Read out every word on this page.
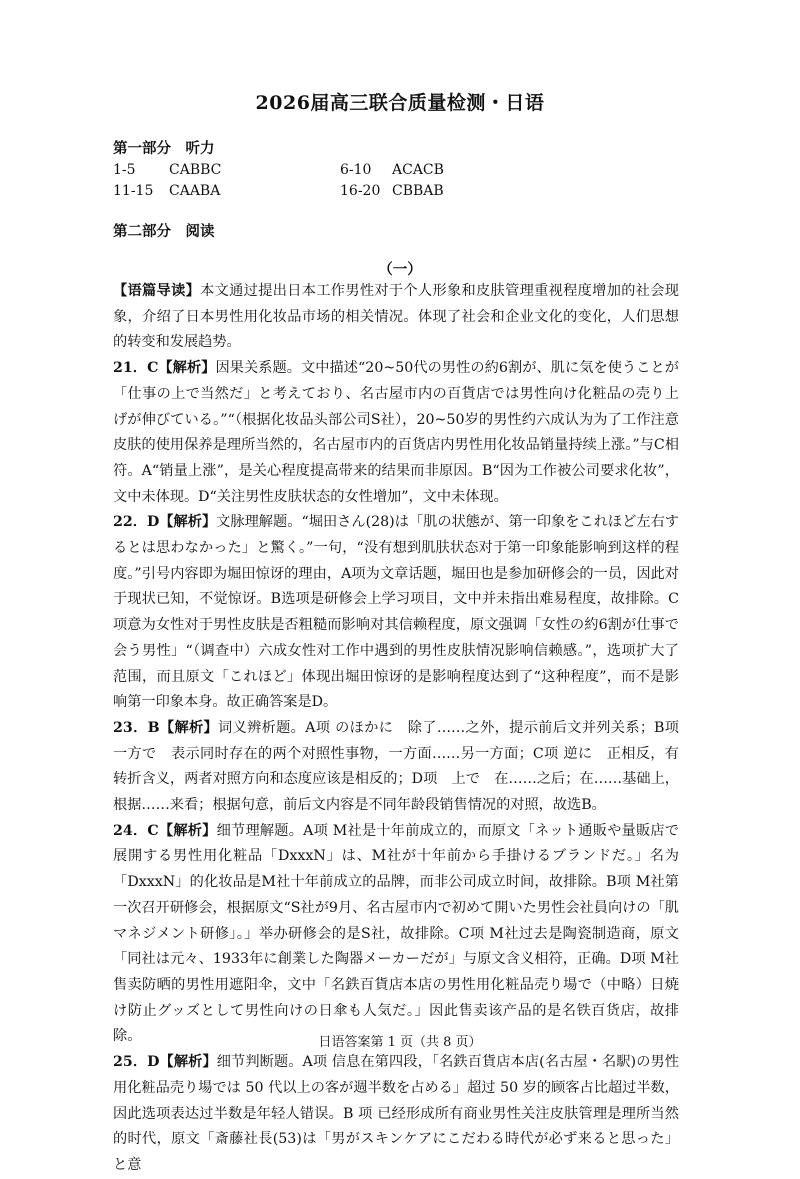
2026届高三联合质量检测・日语
第一部分　听力
1-5 CABBC	6-10 ACACB
11-15 CAABA	16-20 CBBAB
第二部分　阅读
（一）

【语篇导读】本文通过提出日本工作男性对于个人形象和皮肤管理重视程度增加的社会现象，介绍了日本男性用化妆品市场的相关情况。体现了社会和企业文化的变化，人们思想的转变和发展趋势。

21．C【解析】因果关系题。文中描述“20~50代の男性の約6割が、肌に気を使うことが「仕事の上で当然だ」と考えており、名古屋市内の百貨店では男性向け化粧品の売り上げが伸びている。”“（根据化妆品头部公司S社），20~50岁的男性约六成认为为了工作注意皮肤的使用保养是理所当然的，名古屋市内的百货店内男性用化妆品销量持续上涨。”与C相符。A“销量上涨”，是关心程度提高带来的结果而非原因。B“因为工作被公司要求化妆”，文中未体现。D“关注男性皮肤状态的女性增加”，文中未体现。

22．D【解析】文脉理解题。“堀田さん(28)は「肌の状態が、第一印象をこれほど左右するとは思わなかった」と驚く。”一句，“没有想到肌肤状态对于第一印象能影响到这样的程度。”引号内容即为堀田惊讶的理由，A项为文章话题，堀田也是参加研修会的一员，因此对于现状已知，不觉惊讶。B选项是研修会上学习项目，文中并未指出难易程度，故排除。C项意为女性对于男性皮肤是否粗糙而影响对其信赖程度，原文强调「女性の約6割が仕事で会う男性」“（调查中）六成女性对工作中遇到的男性皮肤情况影响信赖感。”，选项扩大了范围，而且原文「これほど」体现出堀田惊讶的是影响程度达到了“这种程度”，而不是影响第一印象本身。故正确答案是D。

23．B【解析】词义辨析题。A项 のほかに　除了……之外，提示前后文并列关系；B项 一方で　表示同时存在的两个对照性事物，一方面……另一方面；C项 逆に　正相反，有转折含义，两者对照方向和态度应该是相反的；D项　上で　在……之后；在……基础上，根据……来看；根据句意，前后文内容是不同年龄段销售情况的对照，故选B。

24．C【解析】细节理解题。A项 M社是十年前成立的，而原文「ネット通販や量販店で展開する男性用化粧品「DxxxN」は、M社が十年前から手掛けるブランドだ。」名为「DxxxN」的化妆品是M社十年前成立的品牌，而非公司成立时间，故排除。B项 M社第一次召开研修会，根据原文“S社が9月、名古屋市内で初めて開いた男性会社員向けの「肌マネジメント研修」。」举办研修会的是S社，故排除。C项 M社过去是陶瓷制造商，原文「同社は元々、1933年に創業した陶器メーカーだが」与原文含义相符，正确。D项 M社售卖防晒的男性用遮阳伞，文中「名鉄百貨店本店の男性用化粧品売り場で（中略）日焼け防止グッズとして男性向けの日傘も人気だ。」因此售卖该产品的是名铁百货店，故排除。

25．D【解析】细节判断题。A项 信息在第四段，「名鉄百貨店本店(名古屋・名駅)の男性用化粧品売り場では 50 代以上の客が週半数を占める」超过 50 岁的顾客占比超过半数，因此选项表达过半数是年轻人错误。B 项 已经形成所有商业男性关注皮肤管理是理所当然的时代，原文「斎藤社長(53)は「男がスキンケアにこだわる時代が必ず来ると思った」と意

日语答案第 1 页（共 8 页）
